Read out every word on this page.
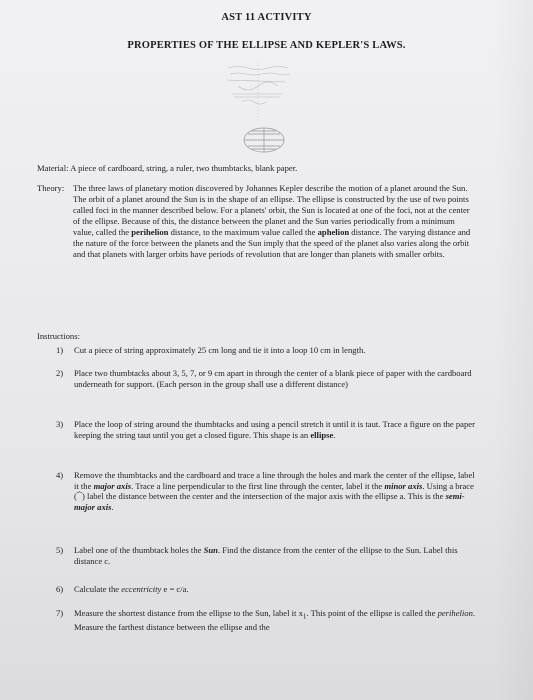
AST 11 ACTIVITY
PROPERTIES OF THE ELLIPSE AND KEPLER'S LAWS.
Material: A piece of cardboard, string, a ruler, two thumbtacks, blank paper.
Theory:	The three laws of planetary motion discovered by Johannes Kepler describe the motion of a planet around the Sun. The orbit of a planet around the Sun is in the shape of an ellipse. The ellipse is constructed by the use of two points called foci in the manner described below. For a planets' orbit, the Sun is located at one of the foci, not at the center of the ellipse. Because of this, the distance between the planet and the Sun varies periodically from a minimum value, called the perihelion distance, to the maximum value called the aphelion distance. The varying distance and the nature of the force between the planets and the Sun imply that the speed of the planet also varies along the orbit and that planets with larger orbits have periods of revolution that are longer than planets with smaller orbits.
Instructions:
1)	Cut a piece of string approximately 25 cm long and tie it into a loop 10 cm in length.
2)	Place two thumbtacks about 3, 5, 7, or 9 cm apart in through the center of a blank piece of paper with the cardboard underneath for support. (Each person in the group shall use a different distance)
3)	Place the loop of string around the thumbtacks and using a pencil stretch it until it is taut. Trace a figure on the paper keeping the string taut until you get a closed figure. This shape is an ellipse.
4)	Remove the thumbtacks and the cardboard and trace a line through the holes and mark the center of the ellipse, label it the major axis. Trace a line perpendicular to the first line through the center, label it the minor axis. Using a brace (⏞) label the distance between the center and the intersection of the major axis with the ellipse a. This is the semi-major axis.
5)	Label one of the thumbtack holes the Sun. Find the distance from the center of the ellipse to the Sun. Label this distance c.
6)	Calculate the eccentricity e = c/a.
7)	Measure the shortest distance from the ellipse to the Sun, label it $x_1$. This point of the ellipse is called the perihelion. Measure the farthest distance between the ellipse and the
